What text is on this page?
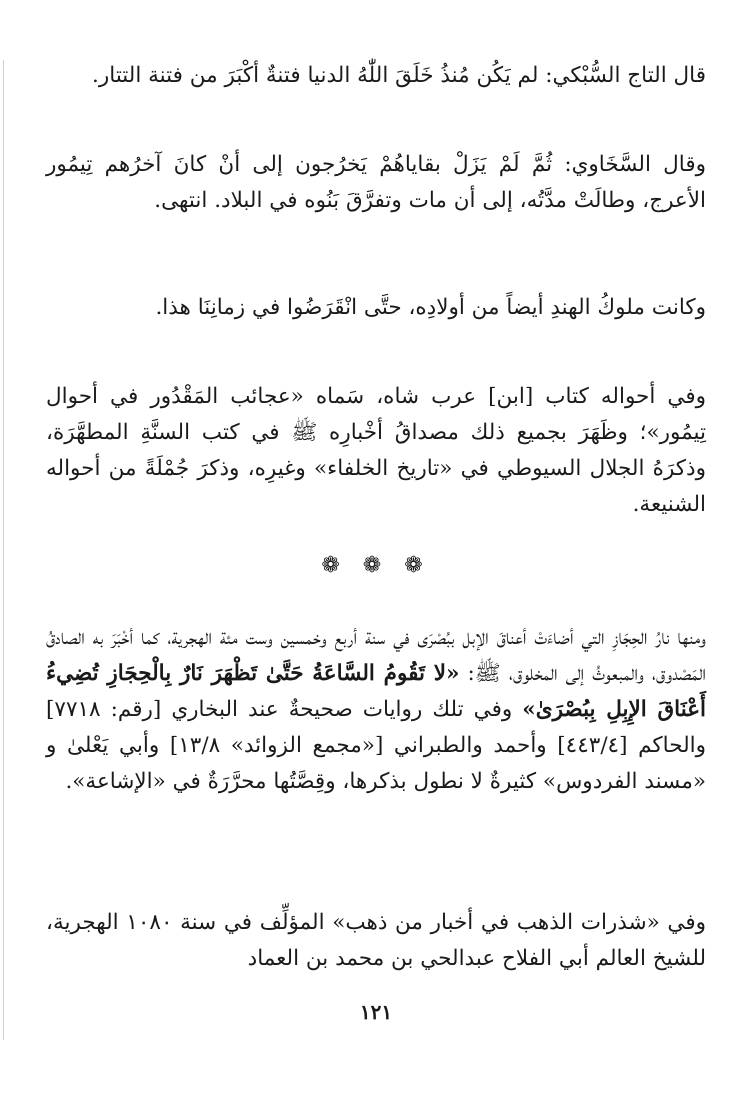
قال التاج السُّبْكي: لم يَكُن مُنذُ خَلَقَ اللّٰهُ الدنيا فتنةٌ أكْبَرَ من فتنة التتار.

وقال السَّخَاوي: ثُمَّ لَمْ يَزَلْ بقاياهُمْ يَخرُجون إلى أنْ كانَ آخرُهم تِيمُور الأعرج، وطالَتْ مدَّتُه، إلى أن مات وتفرَّقَ بَنُوه في البلاد. انتهى.

وكانت ملوكُ الهندِ أيضاً من أولادِه، حتَّى انْقَرَضُوا في زمانِنَا هذا.

وفي أحواله كتاب [ابن] عرب شاه، سَماه «عجائب المَقْدُور في أحوال تِيمُور»؛ وظَهَرَ بجميع ذلك مصداقُ أخْبارِه ﷺ في كتب السنَّةِ المطهَّرَة، وذكرَهُ الجلال السيوطي في «تاريخ الخلفاء» وغيرِه، وذكرَ جُمْلَةً من أحواله الشنيعة.

❁ ❁ ❁

ومنها نارُ الحِجَازِ التي أضاءَتْ أعناقَ الإبل ببُصْرَى في سنة أربع وخمسين وست مئة الهجرية، كما أخْبَرَ به الصادقُ المَصْدوق، والمبعوثُ إلى المخلوق، ﷺ: «لا تَقُومُ السَّاعَةُ حَتَّىٰ تَظْهَرَ نَارٌ بِالْحِجَازِ تُضِيءُ أَعْنَاقَ الإِبِلِ بِبُصْرَىٰ» وفي تلك روايات صحيحةٌ عند البخاري [رقم: ٧٧١٨] والحاكم [٤٤٣/٤] وأحمد والطبراني [«مجمع الزوائد» ١٣/٨] وأبي يَعْلىٰ و «مسند الفردوس» كثيرةٌ لا نطول بذكرها، وقِصَّتُها محرَّرَةٌ في «الإشاعة».

وفي «شذرات الذهب في أخبار من ذهب» المؤلِّف في سنة ١٠٨٠ الهجرية، للشيخ العالم أبي الفلاح عبدالحي بن محمد بن العماد

١٢١
